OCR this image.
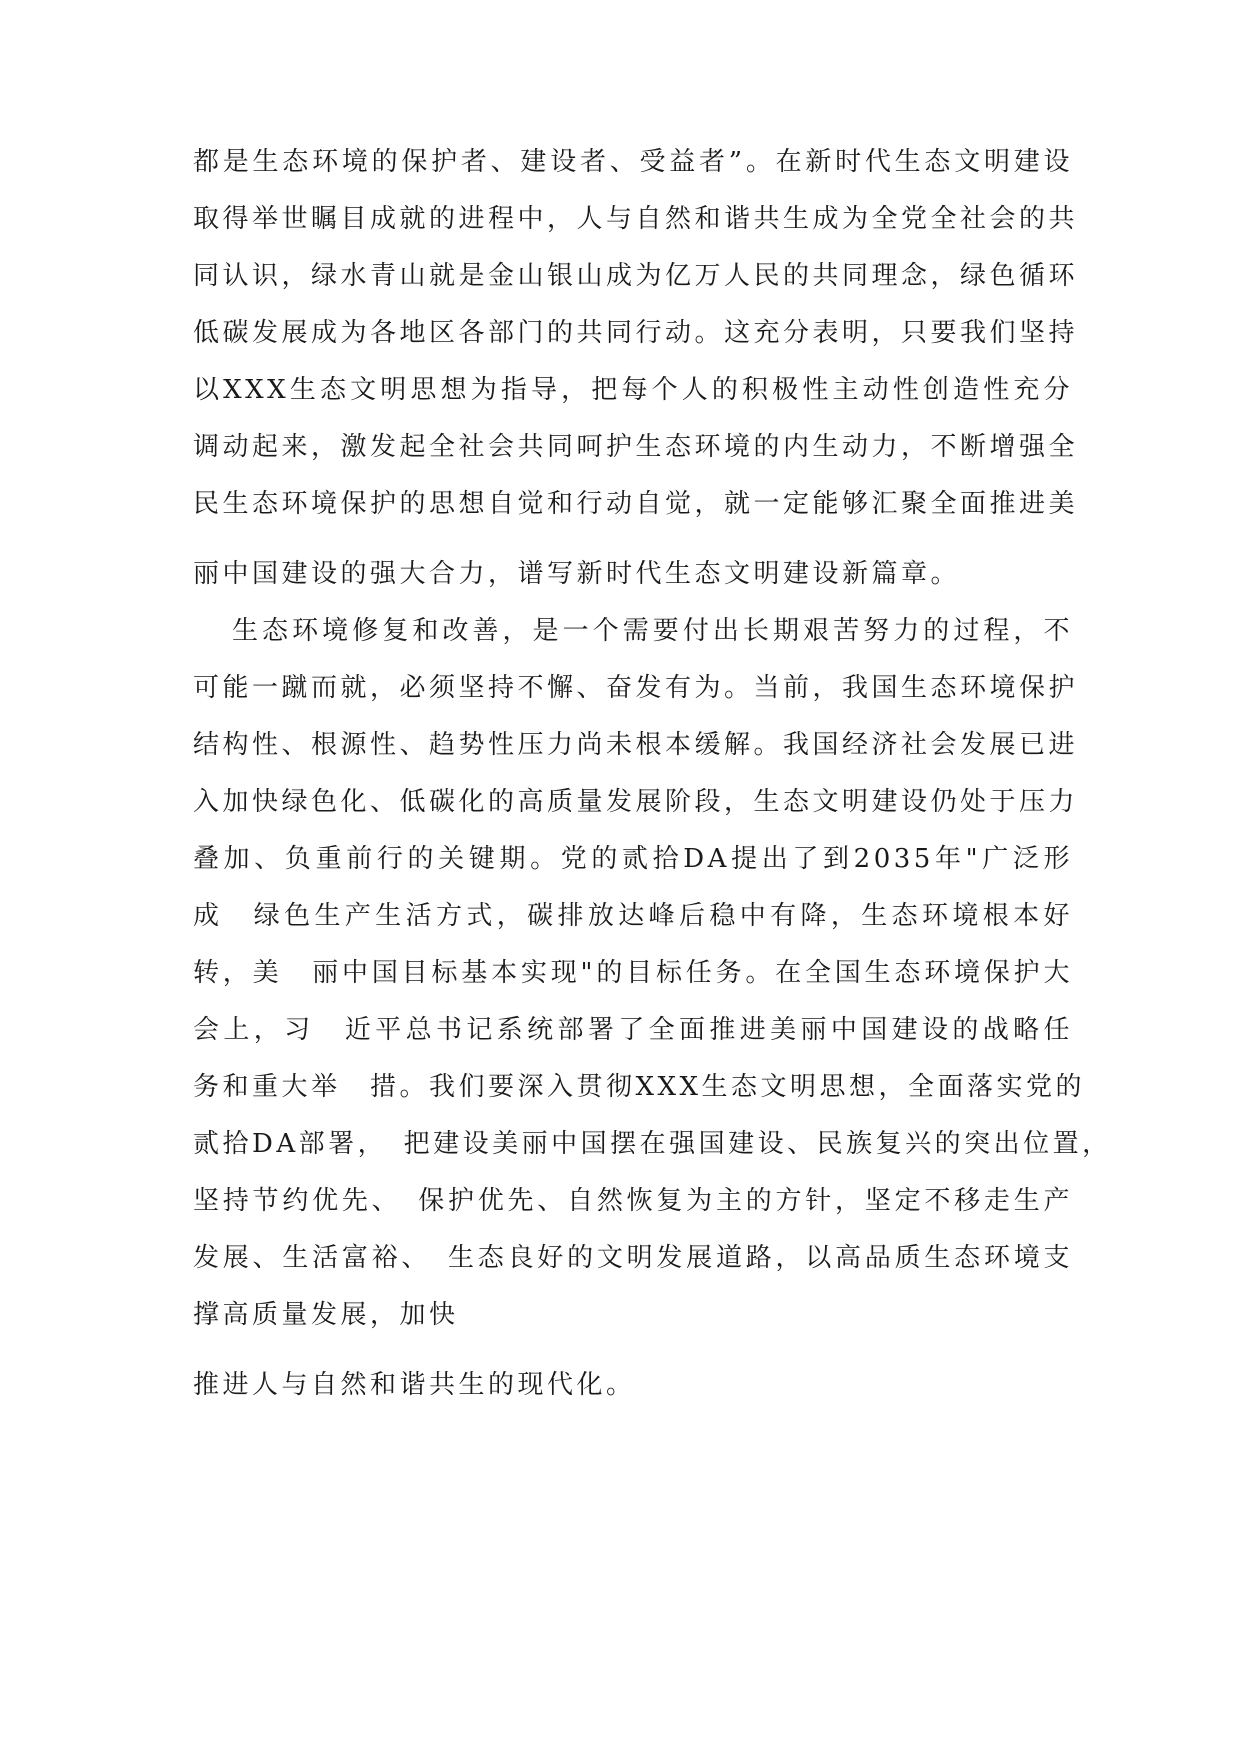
都是生态环境的保护者、建设者、受益者”。在新时代生态文明建设

取得举世瞩目成就的进程中，人与自然和谐共生成为全党全社会的共

同认识，绿水青山就是金山银山成为亿万人民的共同理念，绿色循环

低碳发展成为各地区各部门的共同行动。这充分表明，只要我们坚持

以XXX生态文明思想为指导，把每个人的积极性主动性创造性充分

调动起来，激发起全社会共同呵护生态环境的内生动力，不断增强全

民生态环境保护的思想自觉和行动自觉，就一定能够汇聚全面推进美

丽中国建设的强大合力，谱写新时代生态文明建设新篇章。

生态环境修复和改善，是一个需要付出长期艰苦努力的过程，不

可能一蹴而就，必须坚持不懈、奋发有为。当前，我国生态环境保护

结构性、根源性、趋势性压力尚未根本缓解。我国经济社会发展已进

入加快绿色化、低碳化的高质量发展阶段，生态文明建设仍处于压力

叠加、负重前行的关键期。党的贰拾DA提出了到2035年"广泛形

成　绿色生产生活方式，碳排放达峰后稳中有降，生态环境根本好

转，美　丽中国目标基本实现"的目标任务。在全国生态环境保护大

会上，习　近平总书记系统部署了全面推进美丽中国建设的战略任

务和重大举　措。我们要深入贯彻XXX生态文明思想，全面落实党的

贰拾DA部署，　把建设美丽中国摆在强国建设、民族复兴的突出位置，

坚持节约优先、　保护优先、自然恢复为主的方针，坚定不移走生产

发展、生活富裕、　生态良好的文明发展道路，以高品质生态环境支

撑高质量发展，加快

推进人与自然和谐共生的现代化。
